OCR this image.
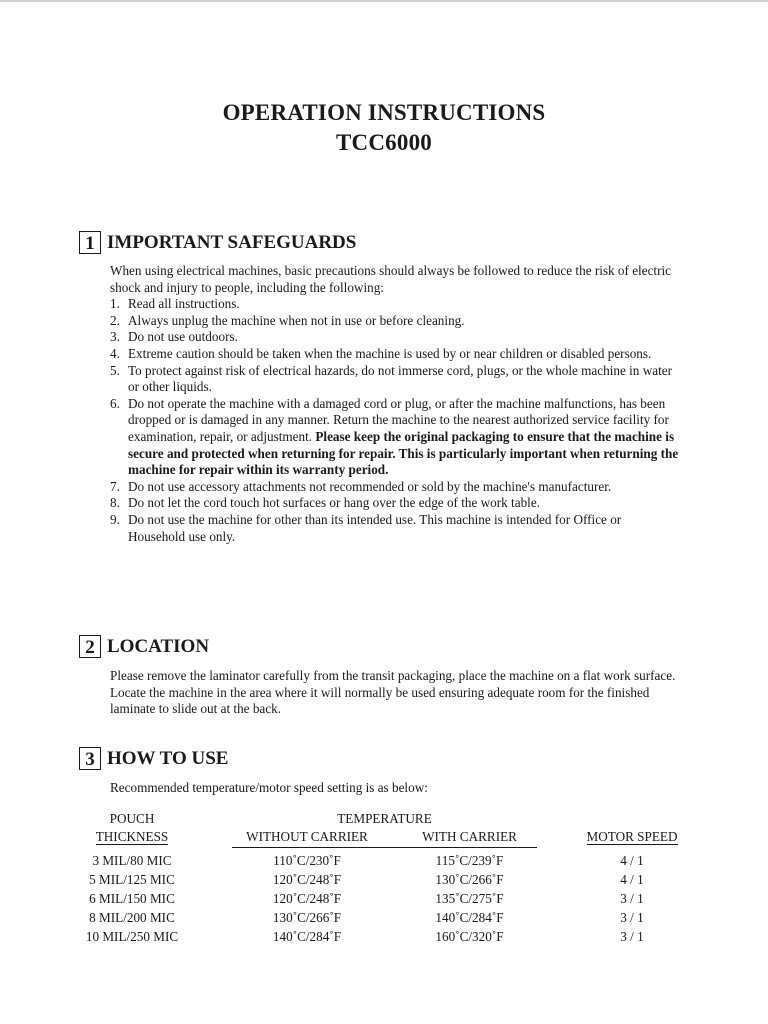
OPERATION INSTRUCTIONS
TCC6000
1 IMPORTANT SAFEGUARDS

When using electrical machines, basic precautions should always be followed to reduce the risk of electric shock and injury to people, including the following:

1. Read all instructions.
2. Always unplug the machine when not in use or before cleaning.
3. Do not use outdoors.
4. Extreme caution should be taken when the machine is used by or near children or disabled persons.
5. To protect against risk of electrical hazards, do not immerse cord, plugs, or the whole machine in water or other liquids.
6. Do not operate the machine with a damaged cord or plug, or after the machine malfunctions, has been dropped or is damaged in any manner. Return the machine to the nearest authorized service facility for examination, repair, or adjustment. Please keep the original packaging to ensure that the machine is secure and protected when returning for repair. This is particularly important when returning the machine for repair within its warranty period.
7. Do not use accessory attachments not recommended or sold by the machine's manufacturer.
8. Do not let the cord touch hot surfaces or hang over the edge of the work table.
9. Do not use the machine for other than its intended use. This machine is intended for Office or Household use only.
2 LOCATION

Please remove the laminator carefully from the transit packaging, place the machine on a flat work surface. Locate the machine in the area where it will normally be used ensuring adequate room for the finished laminate to slide out at the back.

3 HOW TO USE
Recommended temperature/motor speed setting is as below:
POUCH		TEMPERATURE				
THICKNESS		WITHOUT CARRIER		WITH CARRIER		MOTOR SPEED

3 MIL/80 MIC		110˚C/230˚F		115˚C/239˚F		4 / 1
5 MIL/125 MIC		120˚C/248˚F		130˚C/266˚F		4 / 1
6 MIL/150 MIC		120˚C/248˚F		135˚C/275˚F		3 / 1
8 MIL/200 MIC		130˚C/266˚F		140˚C/284˚F		3 / 1
10 MIL/250 MIC		140˚C/284˚F		160˚C/320˚F		3 / 1
